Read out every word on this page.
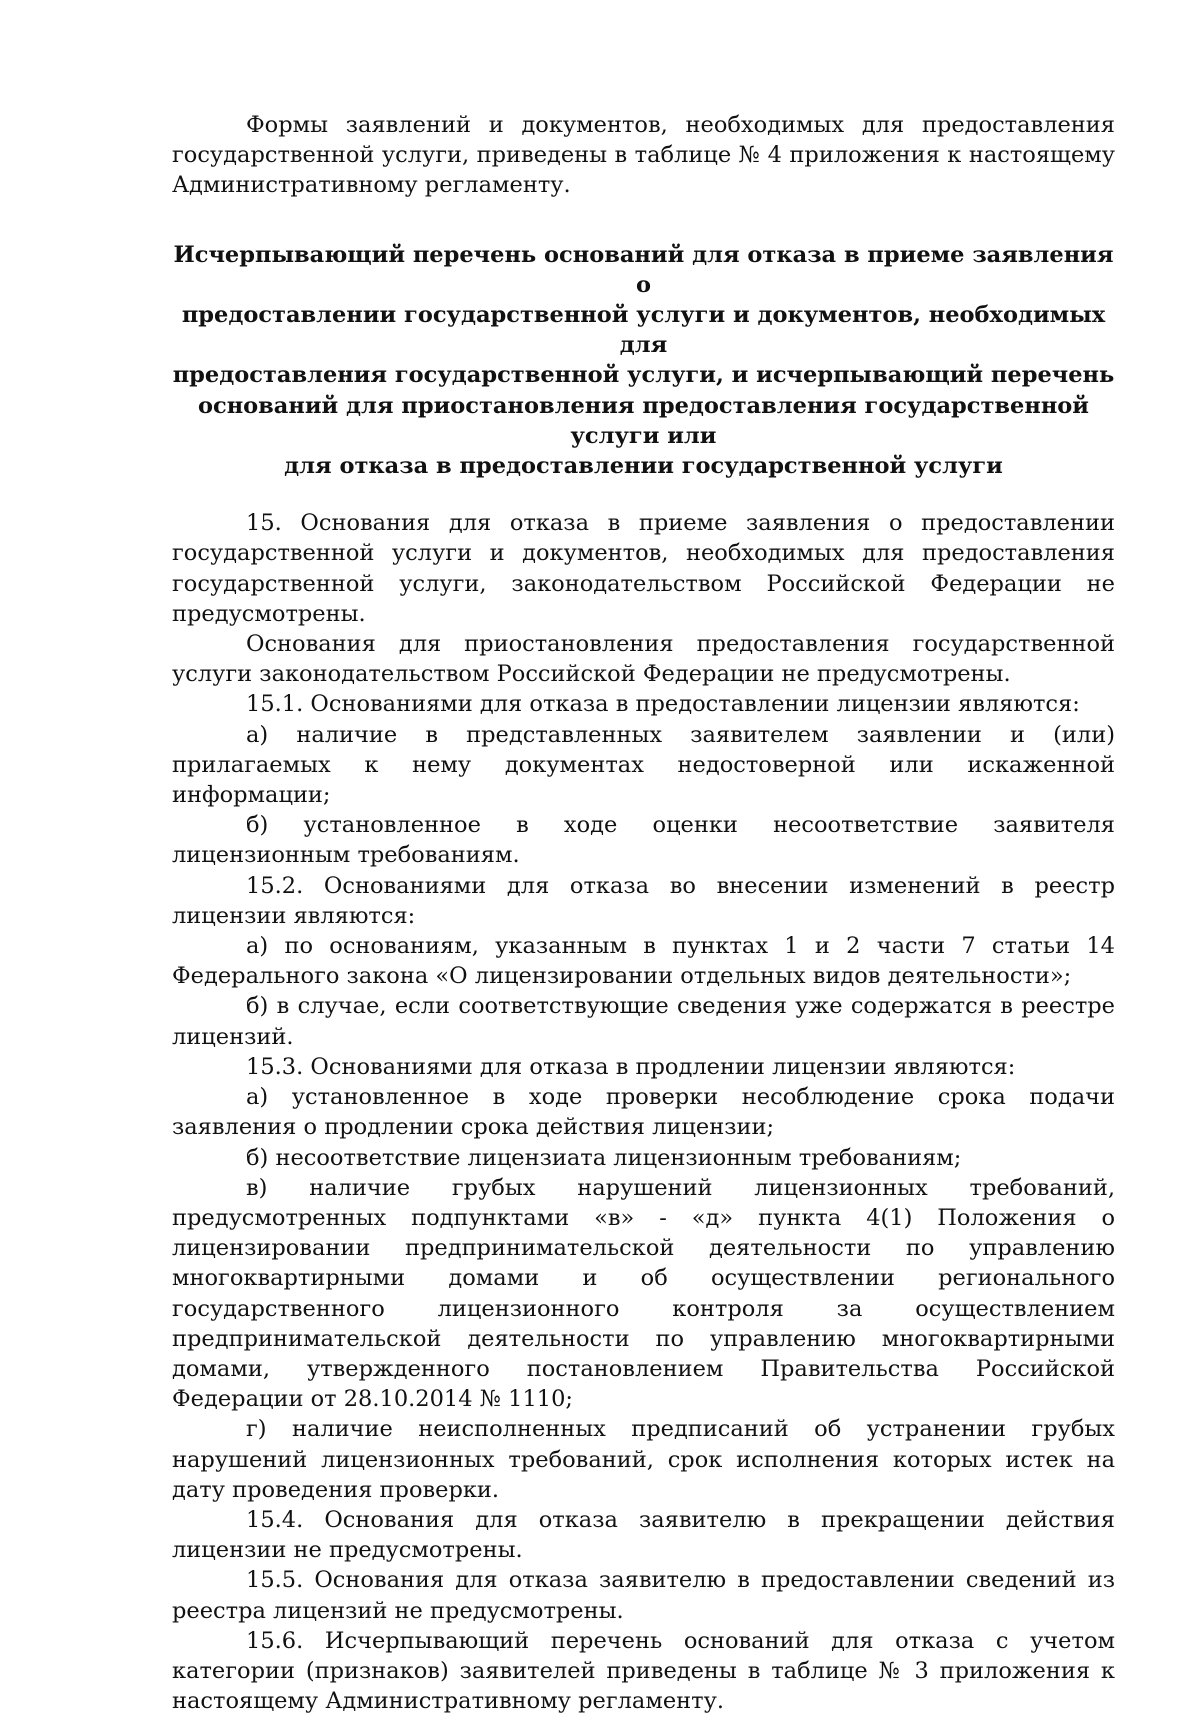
Формы заявлений и документов, необходимых для предоставления государственной услуги, приведены в таблице № 4 приложения к настоящему Административному регламенту.

Исчерпывающий перечень оснований для отказа в приеме заявления о
предоставлении государственной услуги и документов, необходимых для
предоставления государственной услуги, и исчерпывающий перечень
оснований для приостановления предоставления государственной услуги или
для отказа в предоставлении государственной услуги

15. Основания для отказа в приеме заявления о предоставлении государственной услуги и документов, необходимых для предоставления государственной услуги, законодательством Российской Федерации не предусмотрены.

Основания для приостановления предоставления государственной услуги законодательством Российской Федерации не предусмотрены.

15.1. Основаниями для отказа в предоставлении лицензии являются:

а) наличие в представленных заявителем заявлении и (или) прилагаемых к нему документах недостоверной или искаженной информации;

б) установленное в ходе оценки несоответствие заявителя лицензионным требованиям.

15.2. Основаниями для отказа во внесении изменений в реестр лицензии являются:

а) по основаниям, указанным в пунктах 1 и 2 части 7 статьи 14 Федерального закона «О лицензировании отдельных видов деятельности»;

б) в случае, если соответствующие сведения уже содержатся в реестре лицензий.

15.3. Основаниями для отказа в продлении лицензии являются:

а) установленное в ходе проверки несоблюдение срока подачи заявления о продлении срока действия лицензии;

б) несоответствие лицензиата лицензионным требованиям;

в) наличие грубых нарушений лицензионных требований, предусмотренных подпунктами «в» - «д» пункта 4(1) Положения о лицензировании предпринимательской деятельности по управлению многоквартирными домами и об осуществлении регионального государственного лицензионного контроля за осуществлением предпринимательской деятельности по управлению многоквартирными домами, утвержденного постановлением Правительства Российской Федерации от 28.10.2014 № 1110;

г) наличие неисполненных предписаний об устранении грубых нарушений лицензионных требований, срок исполнения которых истек на дату проведения проверки.

15.4. Основания для отказа заявителю в прекращении действия лицензии не предусмотрены.

15.5. Основания для отказа заявителю в предоставлении сведений из реестра лицензий не предусмотрены.

15.6. Исчерпывающий перечень оснований для отказа с учетом категории (признаков) заявителей приведены в таблице № 3 приложения к настоящему Административному регламенту.
